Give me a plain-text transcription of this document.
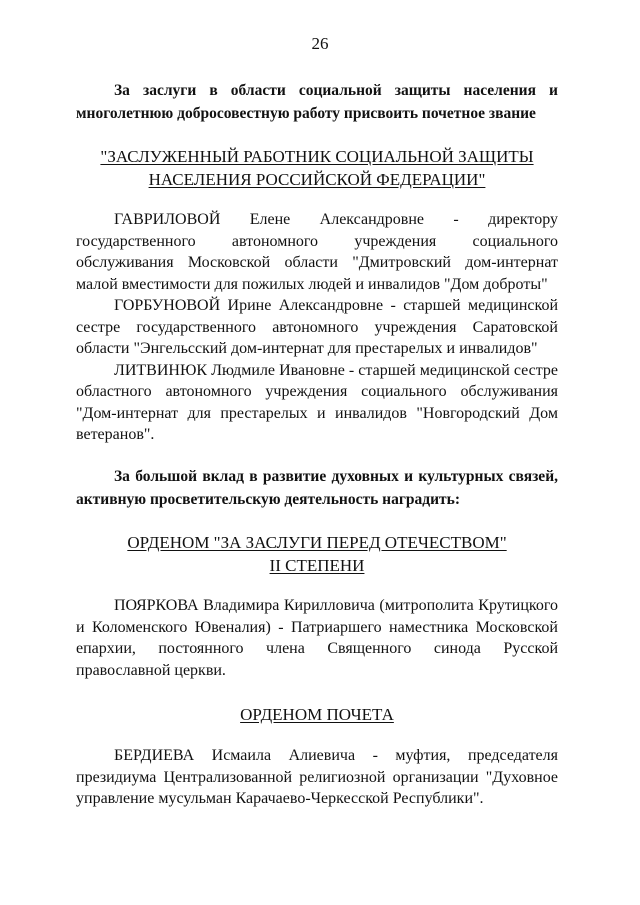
26

За заслуги в области социальной защиты населения и многолетнюю добросовестную работу присвоить почетное звание

"ЗАСЛУЖЕННЫЙ РАБОТНИК СОЦИАЛЬНОЙ ЗАЩИТЫ

НАСЕЛЕНИЯ РОССИЙСКОЙ ФЕДЕРАЦИИ"

ГАВРИЛОВОЙ Елене Александровне - директору государственного автономного учреждения социального обслуживания Московской области "Дмитровский дом-интернат малой вместимости для пожилых людей и инвалидов "Дом доброты"

ГОРБУНОВОЙ Ирине Александровне - старшей медицинской сестре государственного автономного учреждения Саратовской области "Энгельсский дом-интернат для престарелых и инвалидов"

ЛИТВИНЮК Людмиле Ивановне - старшей медицинской сестре областного автономного учреждения социального обслуживания "Дом-интернат для престарелых и инвалидов "Новгородский Дом ветеранов".

За большой вклад в развитие духовных и культурных связей, активную просветительскую деятельность наградить:

ОРДЕНОМ "ЗА ЗАСЛУГИ ПЕРЕД ОТЕЧЕСТВОМ"

II СТЕПЕНИ

ПОЯРКОВА Владимира Кирилловича (митрополита Крутицкого и Коломенского Ювеналия) - Патриаршего наместника Московской епархии, постоянного члена Священного синода Русской православной церкви.

ОРДЕНОМ ПОЧЕТА

БЕРДИЕВА Исмаила Алиевича - муфтия, председателя президиума Централизованной религиозной организации "Духовное управление мусульман Карачаево-Черкесской Республики".
